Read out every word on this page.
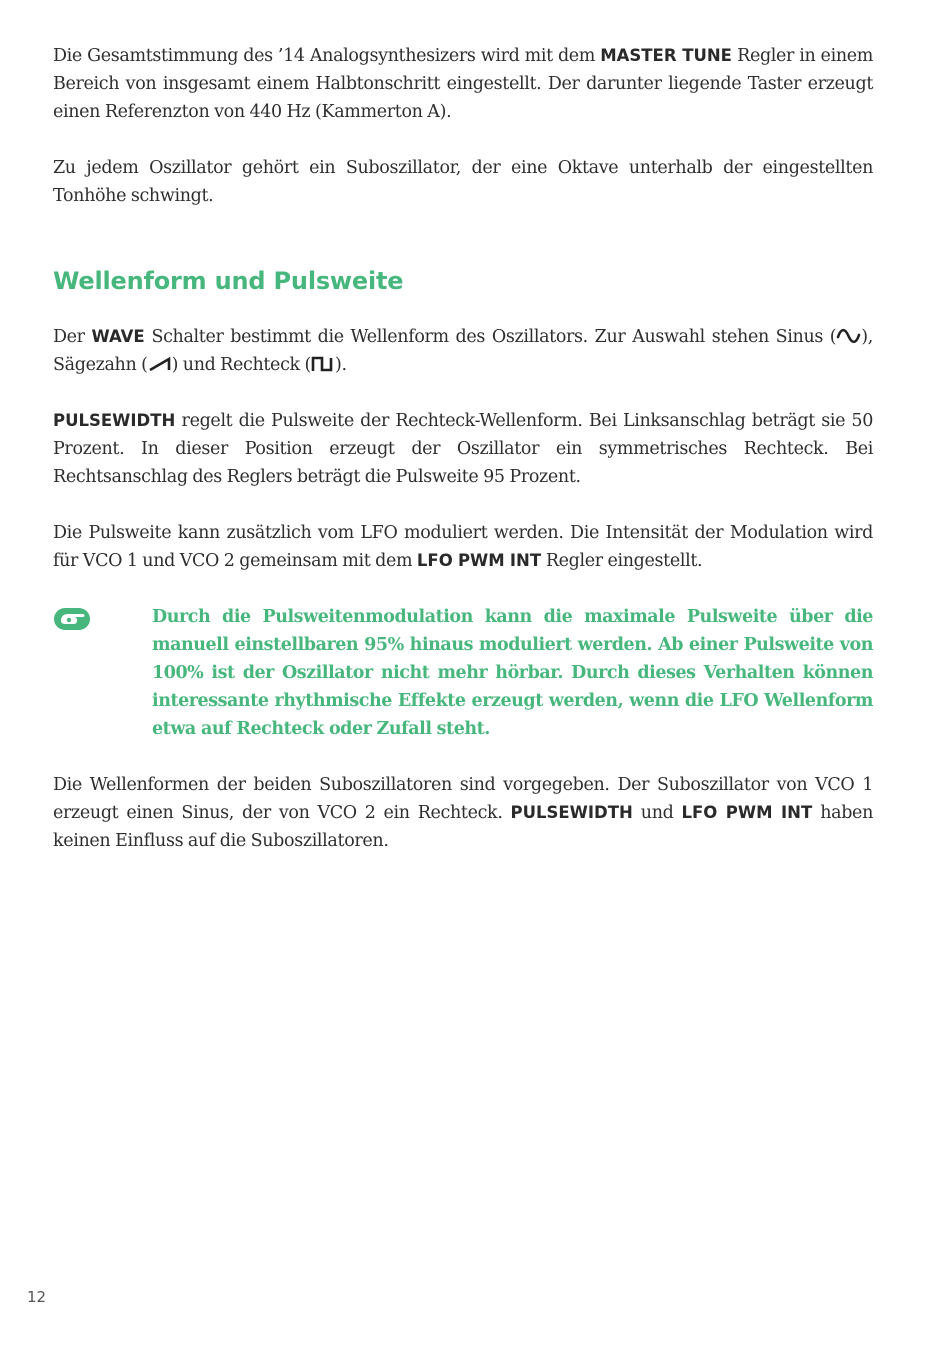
Die Gesamtstimmung des ’14 Analogsynthesizers wird mit dem MASTER TUNE Regler in einem Bereich von insgesamt einem Halbtonschritt eingestellt. Der darunter liegende Taster erzeugt einen Referenzton von 440 Hz (Kammerton A).

Zu jedem Oszillator gehört ein Suboszillator, der eine Oktave unterhalb der eingestellten Tonhöhe schwingt.

Wellenform und Pulsweite

Der WAVE Schalter bestimmt die Wellenform des Oszillators. Zur Auswahl stehen Sinus ( ), Sägezahn ( ) und Rechteck ( ).

PULSEWIDTH regelt die Pulsweite der Rechteck-Wellenform. Bei Linksanschlag beträgt sie 50 Prozent. In dieser Position erzeugt der Oszillator ein symmetrisches Rechteck. Bei Rechtsanschlag des Reglers beträgt die Pulsweite 95 Prozent.

Die Pulsweite kann zusätzlich vom LFO moduliert werden. Die Intensität der Modulation wird für VCO 1 und VCO 2 gemeinsam mit dem LFO PWM INT Regler eingestellt.

Durch die Pulsweitenmodulation kann die maximale Pulsweite über die manuell einstellbaren 95% hinaus moduliert werden. Ab einer Pulsweite von 100% ist der Oszillator nicht mehr hörbar. Durch dieses Verhalten können interessante rhythmische Effekte erzeugt werden, wenn die LFO Wellenform etwa auf Rechteck oder Zufall steht.

Die Wellenformen der beiden Suboszillatoren sind vorgegeben. Der Suboszillator von VCO 1 erzeugt einen Sinus, der von VCO 2 ein Rechteck. PULSEWIDTH und LFO PWM INT haben keinen Einfluss auf die Suboszillatoren.

12
